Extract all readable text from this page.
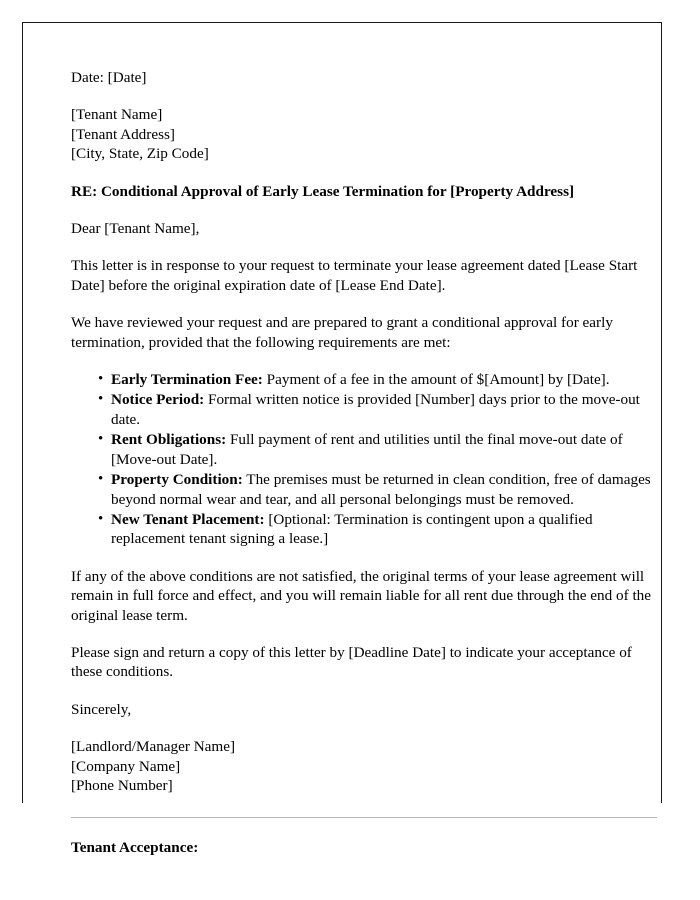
Date: [Date]

[Tenant Name]
[Tenant Address]
[City, State, Zip Code]

RE: Conditional Approval of Early Lease Termination for [Property Address]

Dear [Tenant Name],

This letter is in response to your request to terminate your lease agreement dated [Lease Start Date] before the original expiration date of [Lease End Date].

We have reviewed your request and are prepared to grant a conditional approval for early termination, provided that the following requirements are met:

• Early Termination Fee: Payment of a fee in the amount of $[Amount] by [Date].
• Notice Period: Formal written notice is provided [Number] days prior to the move-out date.
• Rent Obligations: Full payment of rent and utilities until the final move-out date of [Move-out Date].
• Property Condition: The premises must be returned in clean condition, free of damages beyond normal wear and tear, and all personal belongings must be removed.
• New Tenant Placement: [Optional: Termination is contingent upon a qualified replacement tenant signing a lease.]

If any of the above conditions are not satisfied, the original terms of your lease agreement will remain in full force and effect, and you will remain liable for all rent due through the end of the original lease term.

Please sign and return a copy of this letter by [Deadline Date] to indicate your acceptance of these conditions.

Sincerely,

[Landlord/Manager Name]
[Company Name]
[Phone Number]

Tenant Acceptance:
